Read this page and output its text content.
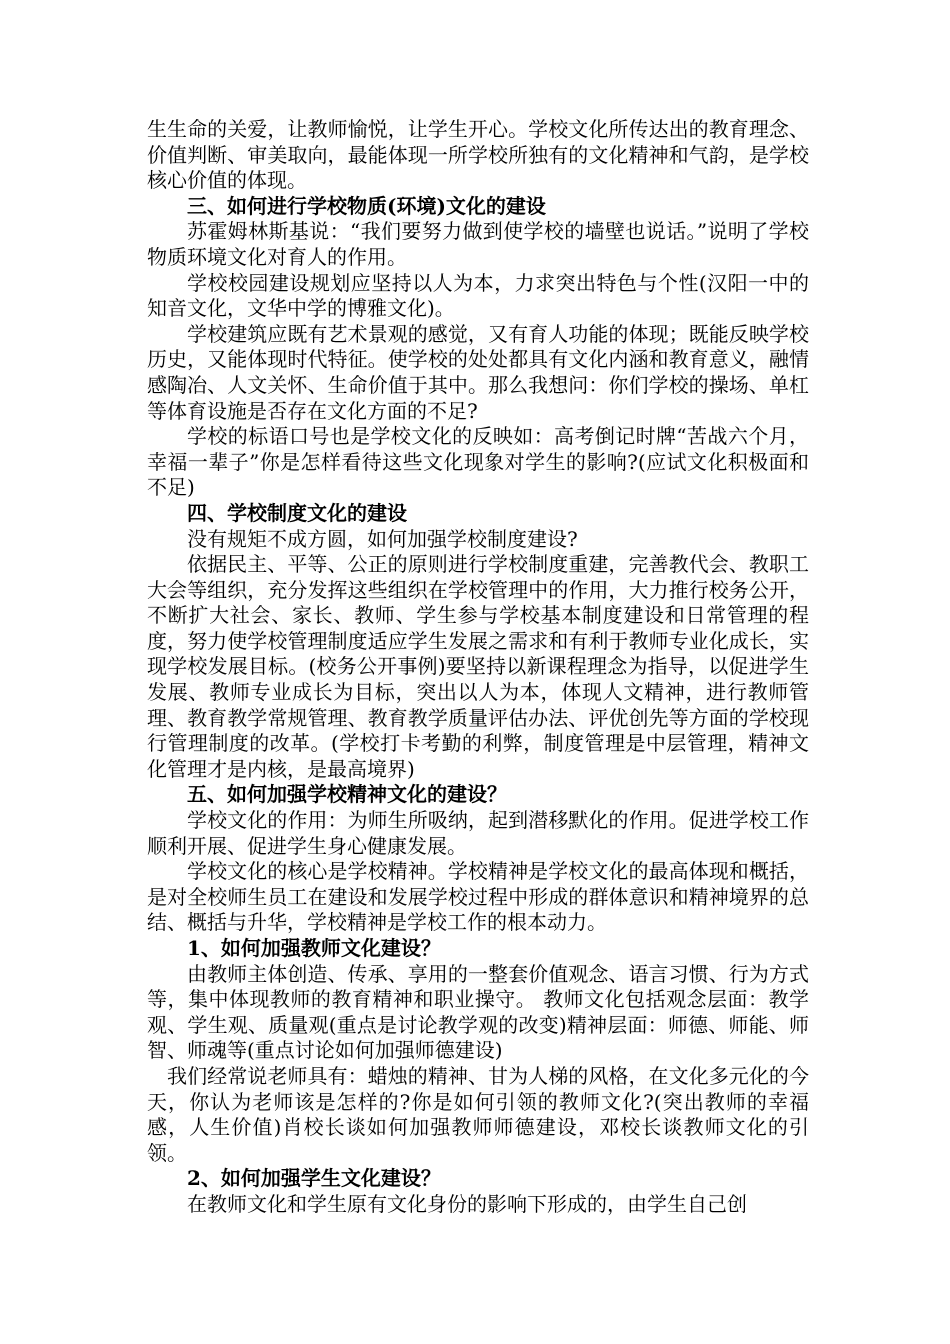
生生命的关爱，让教师愉悦，让学生开心。学校文化所传达出的教育理念、价值判断、审美取向，最能体现一所学校所独有的文化精神和气韵，是学校核心价值的体现。

三、如何进行学校物质(环境)文化的建设

苏霍姆林斯基说：“我们要努力做到使学校的墙壁也说话。”说明了学校物质环境文化对育人的作用。

学校校园建设规划应坚持以人为本，力求突出特色与个性(汉阳一中的知音文化，文华中学的博雅文化)。

学校建筑应既有艺术景观的感觉，又有育人功能的体现；既能反映学校历史，又能体现时代特征。使学校的处处都具有文化内涵和教育意义，融情感陶冶、人文关怀、生命价值于其中。那么我想问：你们学校的操场、单杠等体育设施是否存在文化方面的不足?

学校的标语口号也是学校文化的反映如：高考倒记时牌“苦战六个月，幸福一辈子”你是怎样看待这些文化现象对学生的影响?(应试文化积极面和不足)

四、学校制度文化的建设

没有规矩不成方圆，如何加强学校制度建设?

依据民主、平等、公正的原则进行学校制度重建，完善教代会、教职工大会等组织，充分发挥这些组织在学校管理中的作用，大力推行校务公开，不断扩大社会、家长、教师、学生参与学校基本制度建设和日常管理的程度，努力使学校管理制度适应学生发展之需求和有利于教师专业化成长，实现学校发展目标。(校务公开事例)要坚持以新课程理念为指导，以促进学生发展、教师专业成长为目标，突出以人为本，体现人文精神，进行教师管理、教育教学常规管理、教育教学质量评估办法、评优创先等方面的学校现行管理制度的改革。(学校打卡考勤的利弊，制度管理是中层管理，精神文化管理才是内核，是最高境界)

五、如何加强学校精神文化的建设？

学校文化的作用：为师生所吸纳，起到潜移默化的作用。促进学校工作顺利开展、促进学生身心健康发展。

学校文化的核心是学校精神。学校精神是学校文化的最高体现和概括，是对全校师生员工在建设和发展学校过程中形成的群体意识和精神境界的总结、概括与升华，学校精神是学校工作的根本动力。

1、如何加强教师文化建设？

由教师主体创造、传承、享用的一整套价值观念、语言习惯、行为方式等，集中体现教师的教育精神和职业操守。 教师文化包括观念层面：教学观、学生观、质量观(重点是讨论教学观的改变)精神层面：师德、师能、师智、师魂等(重点讨论如何加强师德建设)

我们经常说老师具有：蜡烛的精神、甘为人梯的风格，在文化多元化的今天，你认为老师该是怎样的?你是如何引领的教师文化?(突出教师的幸福感，人生价值)肖校长谈如何加强教师师德建设，邓校长谈教师文化的引领。

2、如何加强学生文化建设？

在教师文化和学生原有文化身份的影响下形成的，由学生自己创
